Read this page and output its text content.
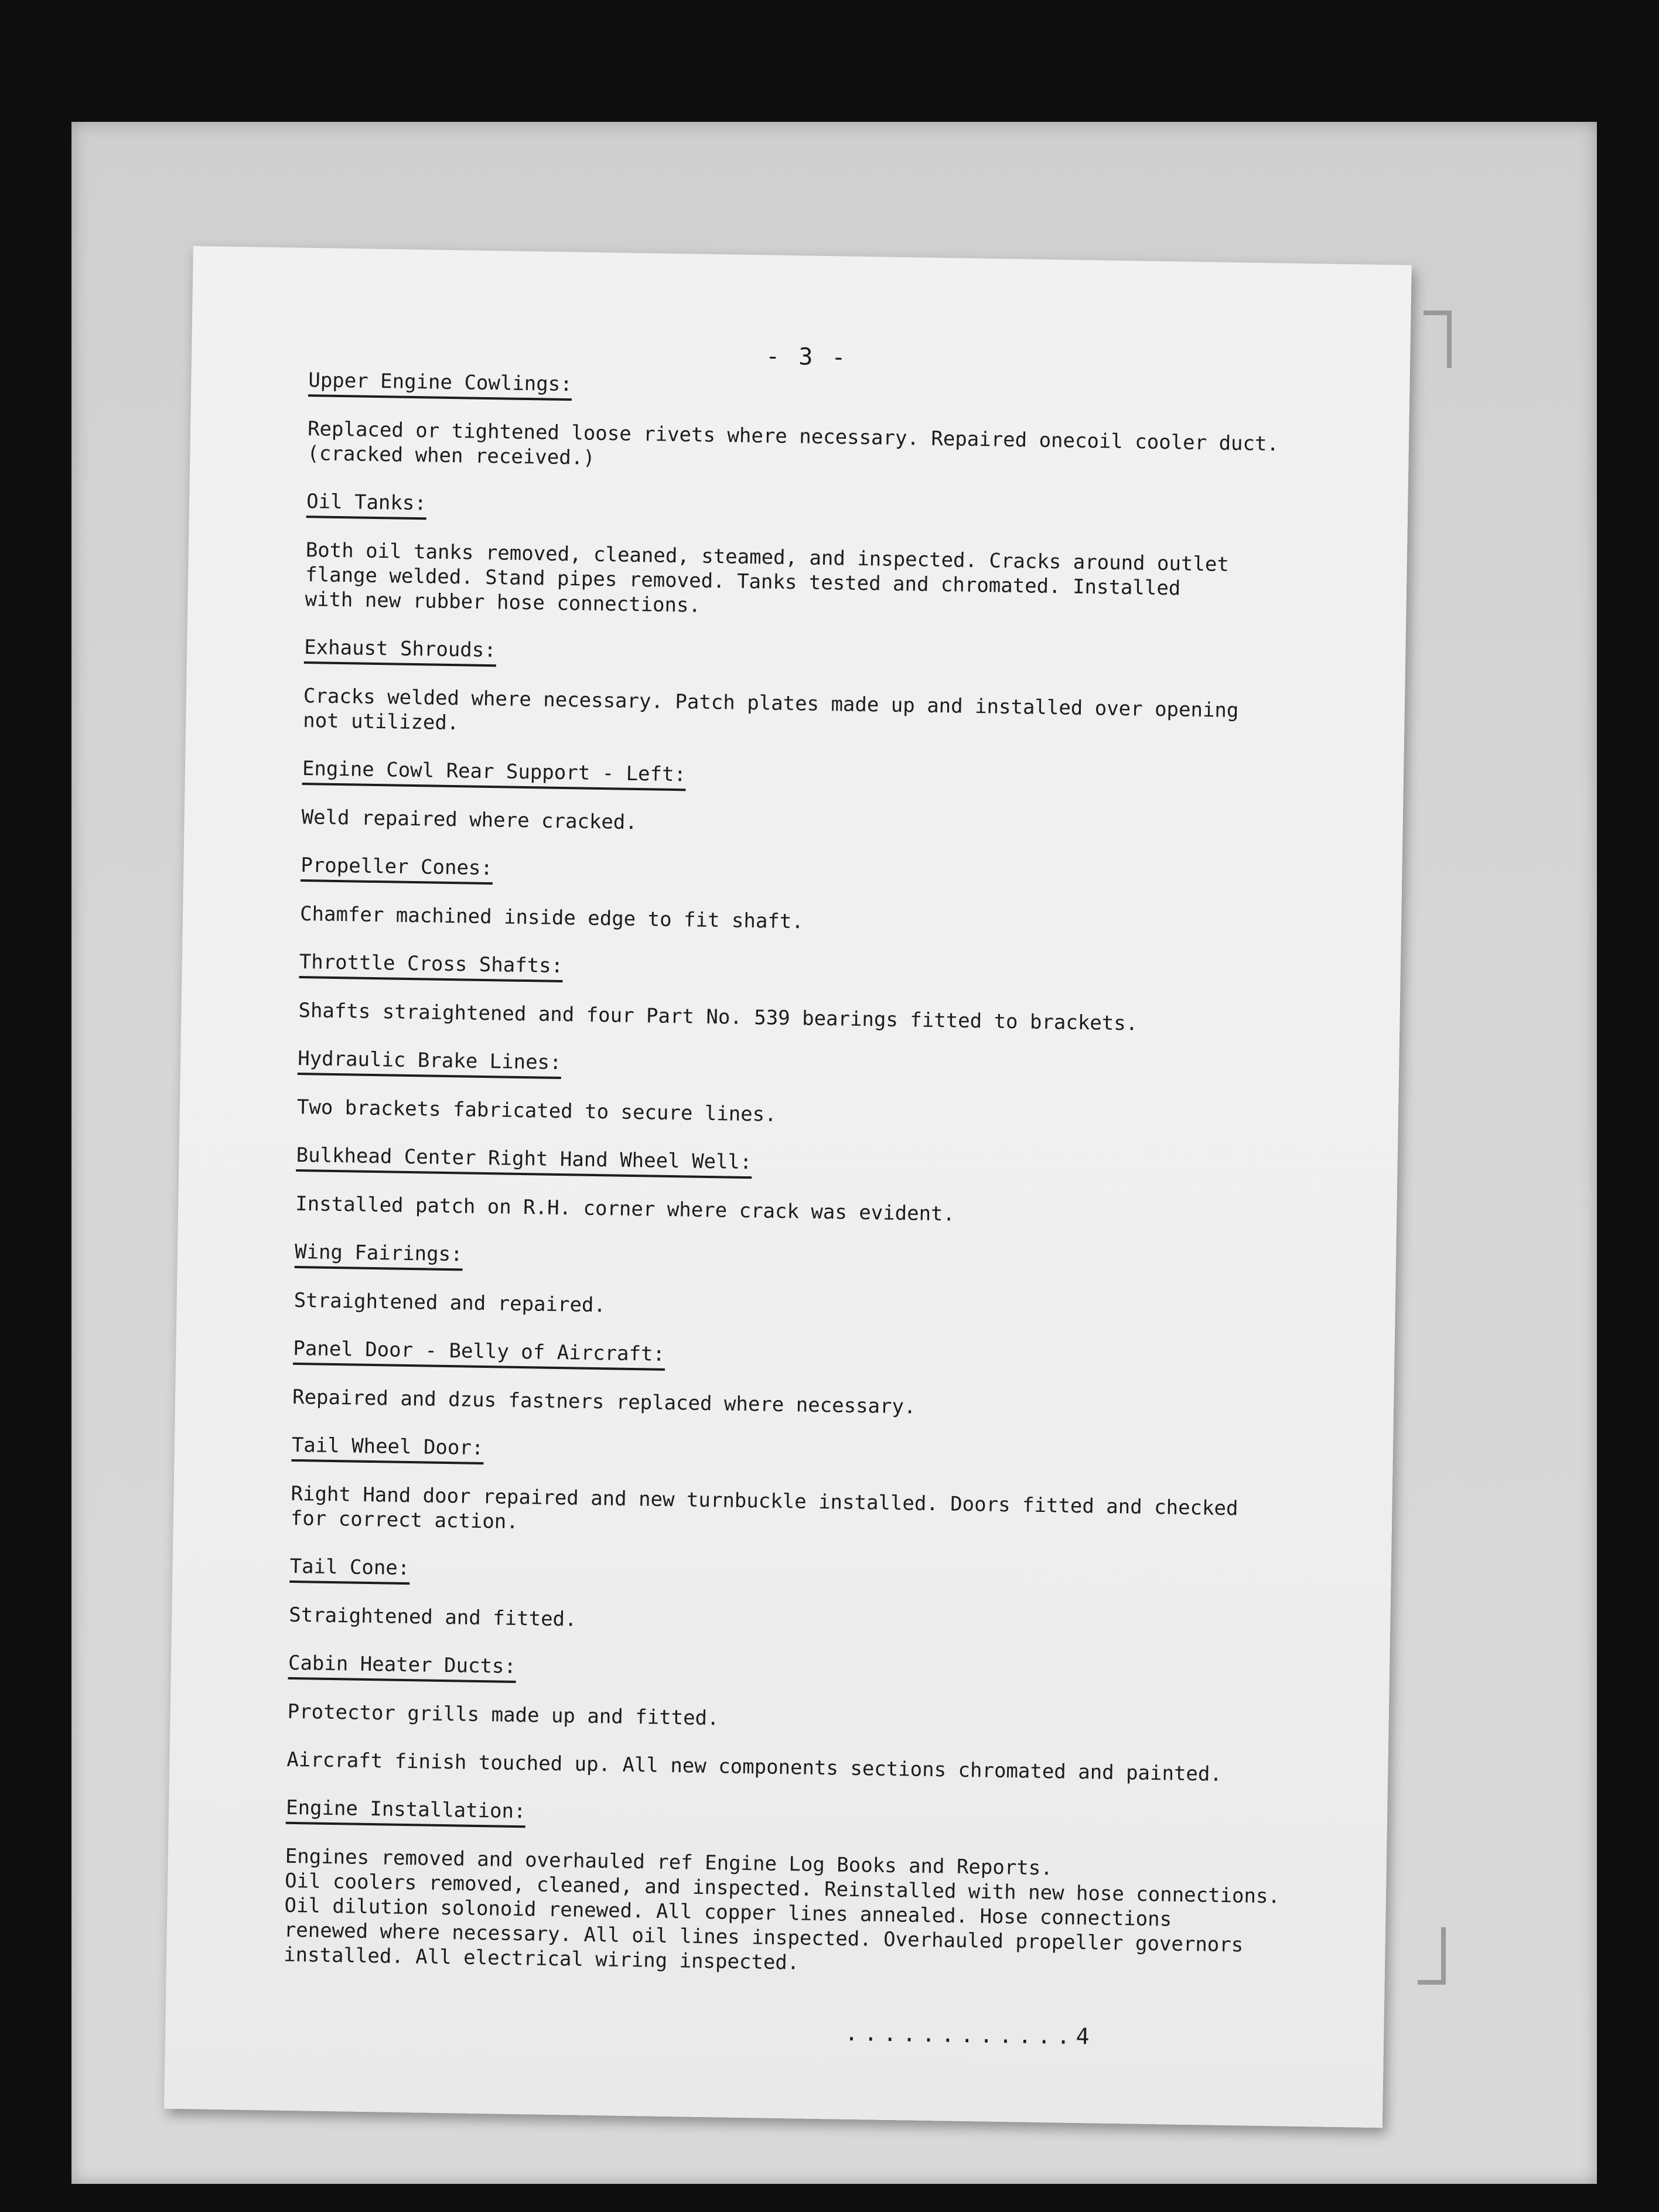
- 3 -
Upper Engine Cowlings:
Replaced or tightened loose rivets where necessary. Repaired onecoil cooler duct.
(cracked when received.)
Oil Tanks:
Both oil tanks removed, cleaned, steamed, and inspected. Cracks around outlet
flange welded. Stand pipes removed. Tanks tested and chromated. Installed
with new rubber hose connections.
Exhaust Shrouds:
Cracks welded where necessary. Patch plates made up and installed over opening
not utilized.
Engine Cowl Rear Support - Left:
Weld repaired where cracked.
Propeller Cones:
Chamfer machined inside edge to fit shaft.
Throttle Cross Shafts:
Shafts straightened and four Part No. 539 bearings fitted to brackets.
Hydraulic Brake Lines:
Two brackets fabricated to secure lines.
Bulkhead Center Right Hand Wheel Well:
Installed patch on R.H. corner where crack was evident.
Wing Fairings:
Straightened and repaired.
Panel Door - Belly of Aircraft:
Repaired and dzus fastners replaced where necessary.
Tail Wheel Door:
Right Hand door repaired and new turnbuckle installed. Doors fitted and checked
for correct action.
Tail Cone:
Straightened and fitted.
Cabin Heater Ducts:
Protector grills made up and fitted.
Aircraft finish touched up. All new components sections chromated and painted.
Engine Installation:
Engines removed and overhauled ref Engine Log Books and Reports.
Oil coolers removed, cleaned, and inspected. Reinstalled with new hose connections.
Oil dilution solonoid renewed. All copper lines annealed. Hose connections
renewed where necessary. All oil lines inspected. Overhauled propeller governors
installed. All electrical wiring inspected.
............4
